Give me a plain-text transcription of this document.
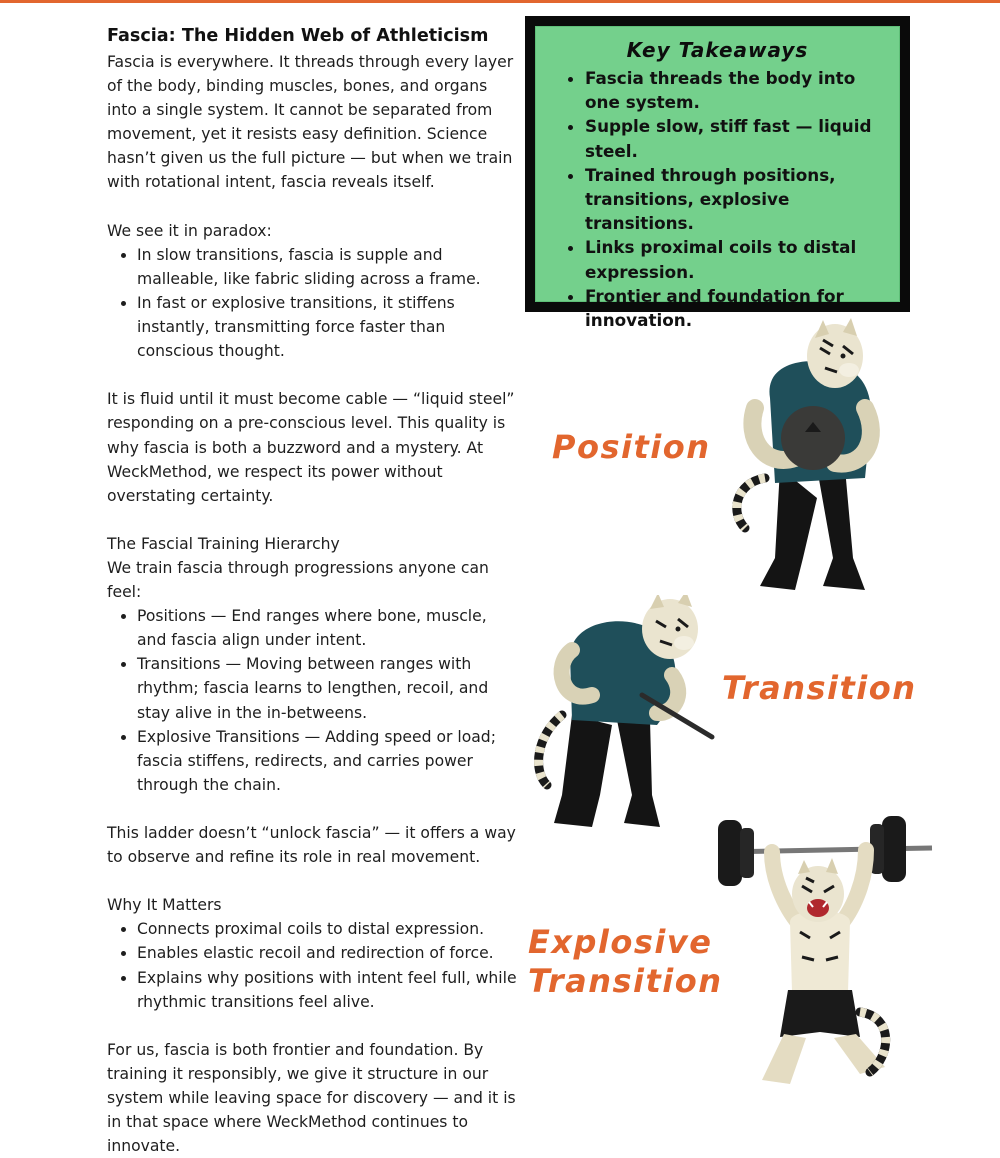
Fascia: The Hidden Web of Athleticism

Fascia is everywhere. It threads through every layer of the body, binding muscles, bones, and organs into a single system. It cannot be separated from movement, yet it resists easy definition. Science hasn’t given us the full picture — but when we train with rotational intent, fascia reveals itself.

We see it in paradox:

• In slow transitions, fascia is supple and malleable, like fabric sliding across a frame.
• In fast or explosive transitions, it stiffens instantly, transmitting force faster than conscious thought.

It is fluid until it must become cable — “liquid steel” responding on a pre-conscious level. This quality is why fascia is both a buzzword and a mystery. At WeckMethod, we respect its power without overstating certainty.

The Fascial Training Hierarchy

We train fascia through progressions anyone can feel:

• Positions — End ranges where bone, muscle, and fascia align under intent.
• Transitions — Moving between ranges with rhythm; fascia learns to lengthen, recoil, and stay alive in the in-betweens.
• Explosive Transitions — Adding speed or load; fascia stiffens, redirects, and carries power through the chain.

This ladder doesn’t “unlock fascia” — it offers a way to observe and refine its role in real movement.

Why It Matters

• Connects proximal coils to distal expression.
• Enables elastic recoil and redirection of force.
• Explains why positions with intent feel full, while rhythmic transitions feel alive.

For us, fascia is both frontier and foundation. By training it responsibly, we give it structure in our system while leaving space for discovery — and it is in that space where WeckMethod continues to innovate.

Key Takeaways
• Fascia threads the body into one system.
• Supple slow, stiff fast — liquid steel.
• Trained through positions, transitions, explosive transitions.
• Links proximal coils to distal expression.
• Frontier and foundation for innovation.
Position
Transition
Explosive
Transition
